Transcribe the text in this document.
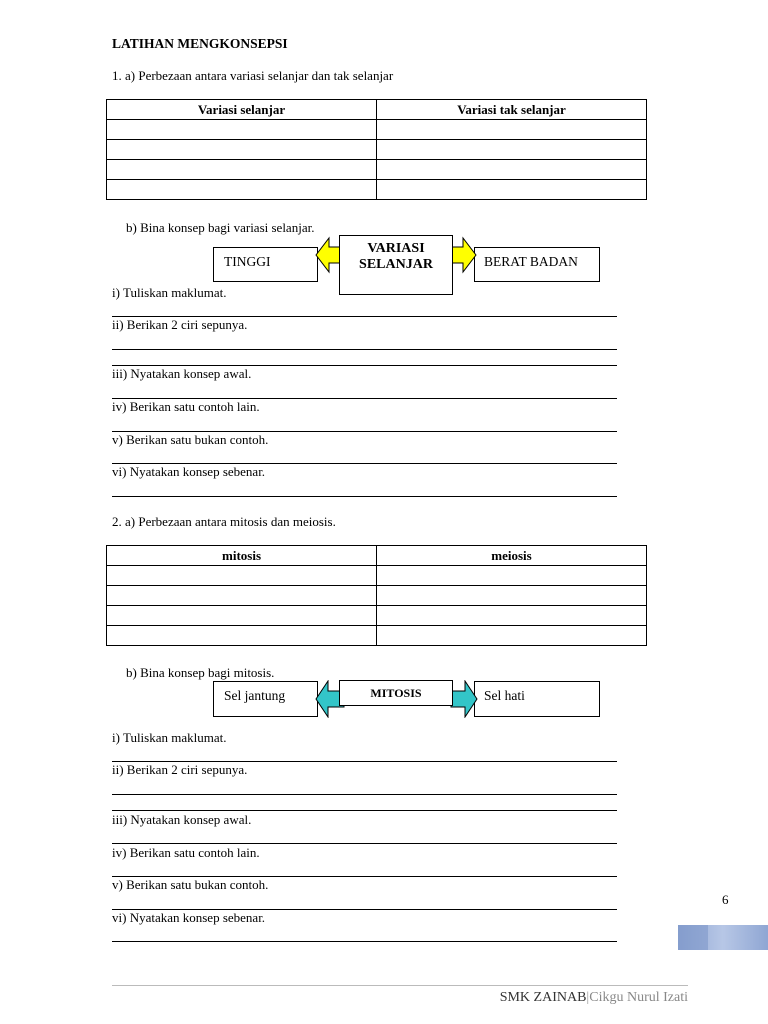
LATIHAN MENGKONSEPSI
1. a) Perbezaan antara variasi selanjar dan tak selanjar
Variasi selanjar	Variasi tak selanjar

b) Bina konsep bagi variasi selanjar.
TINGGI	BERAT BADAN
VARIASI SELANJAR
i) Tuliskan maklumat.
ii) Berikan 2 ciri sepunya.
iii) Nyatakan konsep awal.
iv) Berikan satu contoh lain.
v) Berikan satu bukan contoh.
vi) Nyatakan konsep sebenar.
2. a) Perbezaan antara mitosis dan meiosis.
mitosis	meiosis

b) Bina konsep bagi mitosis.
Sel jantung	Sel hati
MITOSIS
i) Tuliskan maklumat.
ii) Berikan 2 ciri sepunya.
iii) Nyatakan konsep awal.
iv) Berikan satu contoh lain.
v) Berikan satu bukan contoh.
vi) Nyatakan konsep sebenar.
6
SMK ZAINAB|Cikgu Nurul Izati
